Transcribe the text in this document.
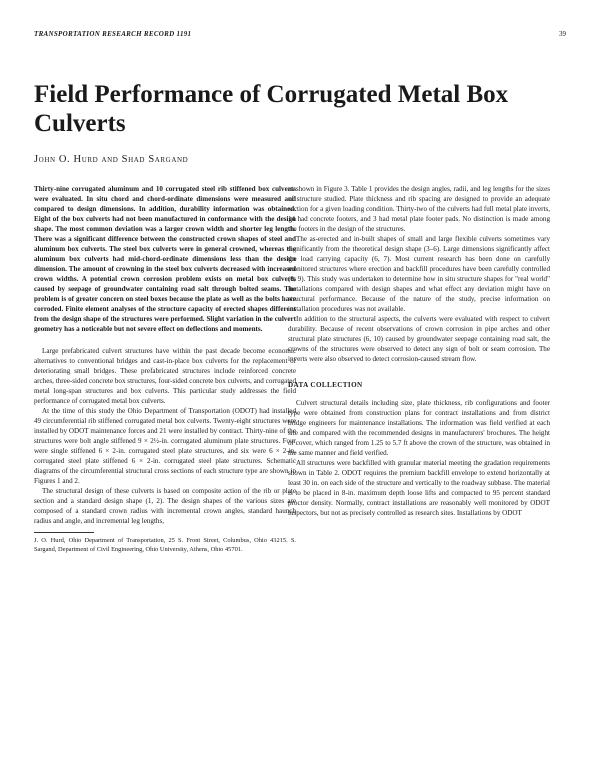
TRANSPORTATION RESEARCH RECORD 1191	39
Field Performance of Corrugated Metal Box Culverts
John O. Hurd and Shad Sargand

Thirty-nine corrugated aluminum and 10 corrugated steel rib stiffened box culverts were evaluated. In situ chord and chord-ordinate dimensions were measured and compared to design dimensions. In addition, durability information was obtained. Eight of the box culverts had not been manufactured in conformance with the design shape. The most common deviation was a larger crown width and shorter leg length. There was a significant difference between the constructed crown shapes of steel and aluminum box culverts. The steel box culverts were in general crowned, whereas the aluminum box culverts had mid-chord-ordinate dimensions less than the design dimension. The amount of crowning in the steel box culverts decreased with increased crown widths. A potential crown corrosion problem exists on metal box culverts caused by seepage of groundwater containing road salt through bolted seams. The problem is of greater concern on steel boxes because the plate as well as the bolts have corroded. Finite element analyses of the structure capacity of erected shapes different from the design shape of the structures were performed. Slight variation in the culvert geometry has a noticeable but not severe effect on deflections and moments.

Large prefabricated culvert structures have within the past decade become economic alternatives to conventional bridges and cast-in-place box culverts for the replacement of deteriorating small bridges. These prefabricated structures include reinforced concrete arches, three-sided concrete box structures, four-sided concrete box culverts, and corrugated metal long-span structures and box culverts. This particular study addresses the field performance of corrugated metal box culverts.

At the time of this study the Ohio Department of Transportation (ODOT) had installed 49 circumferential rib stiffened corrugated metal box culverts. Twenty-eight structures were installed by ODOT maintenance forces and 21 were installed by contract. Thirty-nine of the structures were bolt angle stiffened 9 × 2½-in. corrugated aluminum plate structures. Four were single stiffened 6 × 2-in. corrugated steel plate structures, and six were 6 × 2-in. corrugated steel plate stiffened 6 × 2-in. corrugated steel plate structures. Schematic diagrams of the circumferential structural cross sections of each structure type are shown in Figures 1 and 2.

The structural design of these culverts is based on composite action of the rib or plate section and a standard design shape (1, 2). The design shapes of the various sizes are composed of a standard crown radius with incremental crown angles, standard haunch radius and angle, and incremental leg lengths,

J. O. Hurd, Ohio Department of Transportation, 25 S. Front Street, Columbus, Ohio 43215. S. Sargand, Department of Civil Engineering, Ohio University, Athens, Ohio 45701.

as shown in Figure 3. Table 1 provides the design angles, radii, and leg lengths for the sizes of structure studied. Plate thickness and rib spacing are designed to provide an adequate section for a given loading condition. Thirty-two of the culverts had full metal plate inverts, 14 had concrete footers, and 3 had metal plate footer pads. No distinction is made among the footers in the design of the structures.

The as-erected and in-built shapes of small and large flexible culverts sometimes vary significantly from the theoretical design shape (3–6). Large dimensions significantly affect the load carrying capacity (6, 7). Most current research has been done on carefully monitored structures where erection and backfill procedures have been carefully controlled (8, 9). This study was undertaken to determine how in situ structure shapes for "real world" installations compared with design shapes and what effect any deviation might have on structural performance. Because of the nature of the study, precise information on installation procedures was not available.

In addition to the structural aspects, the culverts were evaluated with respect to culvert durability. Because of recent observations of crown corrosion in pipe arches and other structural plate structures (6, 10) caused by groundwater seepage containing road salt, the crowns of the structures were observed to detect any sign of bolt or seam corrosion. The inverts were also observed to detect corrosion-caused stream flow.

DATA COLLECTION

Culvert structural details including size, plate thickness, rib configurations and footer type were obtained from construction plans for contract installations and from district bridge engineers for maintenance installations. The information was field verified at each site and compared with the recommended designs in manufacturers' brochures. The height of cover, which ranged from 1.25 to 5.7 ft above the crown of the structure, was obtained in the same manner and field verified.

All structures were backfilled with granular material meeting the gradation requirements shown in Table 2. ODOT requires the premium backfill envelope to extend horizontally at least 30 in. on each side of the structure and vertically to the roadway subbase. The material is to be placed in 8-in. maximum depth loose lifts and compacted to 95 percent standard proctor density. Normally, contract installations are reasonably well monitored by ODOT inspectors, but not as precisely controlled as research sites. Installations by ODOT
